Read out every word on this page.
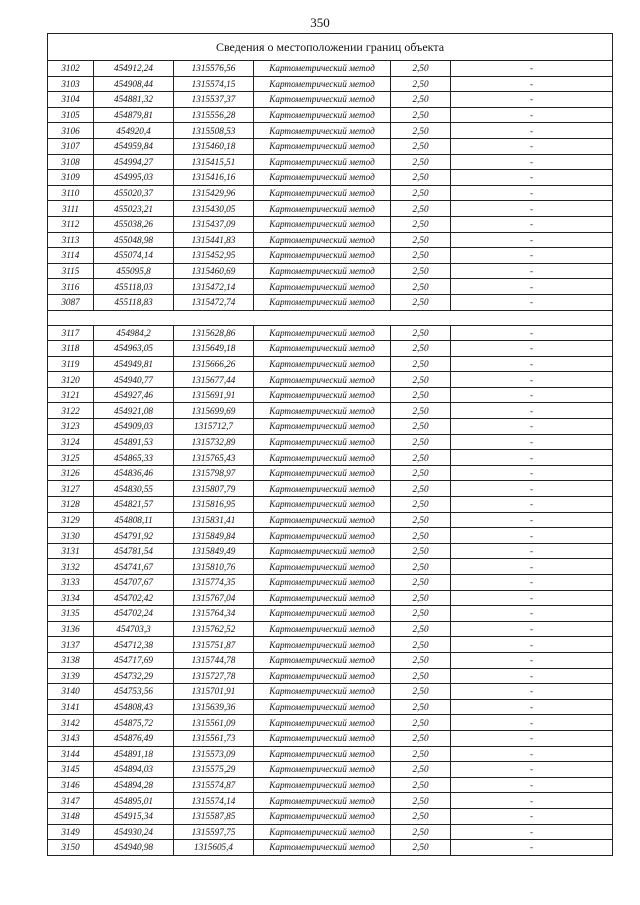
350
Сведения о местоположении границ объекта					
3102	454912,24	1315576,56	Картометрический метод	2,50	-
3103	454908,44	1315574,15	Картометрический метод	2,50	-
3104	454881,32	1315537,37	Картометрический метод	2,50	-
3105	454879,81	1315556,28	Картометрический метод	2,50	-
3106	454920,4	1315508,53	Картометрический метод	2,50	-
3107	454959,84	1315460,18	Картометрический метод	2,50	-
3108	454994,27	1315415,51	Картометрический метод	2,50	-
3109	454995,03	1315416,16	Картометрический метод	2,50	-
3110	455020,37	1315429,96	Картометрический метод	2,50	-
3111	455023,21	1315430,05	Картометрический метод	2,50	-
3112	455038,26	1315437,09	Картометрический метод	2,50	-
3113	455048,98	1315441,83	Картометрический метод	2,50	-
3114	455074,14	1315452,95	Картометрический метод	2,50	-
3115	455095,8	1315460,69	Картометрический метод	2,50	-
3116	455118,03	1315472,14	Картометрический метод	2,50	-
3087	455118,83	1315472,74	Картометрический метод	2,50	-

3117	454984,2	1315628,86	Картометрический метод	2,50	-
3118	454963,05	1315649,18	Картометрический метод	2,50	-
3119	454949,81	1315666,26	Картометрический метод	2,50	-
3120	454940,77	1315677,44	Картометрический метод	2,50	-
3121	454927,46	1315691,91	Картометрический метод	2,50	-
3122	454921,08	1315699,69	Картометрический метод	2,50	-
3123	454909,03	1315712,7	Картометрический метод	2,50	-
3124	454891,53	1315732,89	Картометрический метод	2,50	-
3125	454865,33	1315765,43	Картометрический метод	2,50	-
3126	454836,46	1315798,97	Картометрический метод	2,50	-
3127	454830,55	1315807,79	Картометрический метод	2,50	-
3128	454821,57	1315816,95	Картометрический метод	2,50	-
3129	454808,11	1315831,41	Картометрический метод	2,50	-
3130	454791,92	1315849,84	Картометрический метод	2,50	-
3131	454781,54	1315849,49	Картометрический метод	2,50	-
3132	454741,67	1315810,76	Картометрический метод	2,50	-
3133	454707,67	1315774,35	Картометрический метод	2,50	-
3134	454702,42	1315767,04	Картометрический метод	2,50	-
3135	454702,24	1315764,34	Картометрический метод	2,50	-
3136	454703,3	1315762,52	Картометрический метод	2,50	-
3137	454712,38	1315751,87	Картометрический метод	2,50	-
3138	454717,69	1315744,78	Картометрический метод	2,50	-
3139	454732,29	1315727,78	Картометрический метод	2,50	-
3140	454753,56	1315701,91	Картометрический метод	2,50	-
3141	454808,43	1315639,36	Картометрический метод	2,50	-
3142	454875,72	1315561,09	Картометрический метод	2,50	-
3143	454876,49	1315561,73	Картометрический метод	2,50	-
3144	454891,18	1315573,09	Картометрический метод	2,50	-
3145	454894,03	1315575,29	Картометрический метод	2,50	-
3146	454894,28	1315574,87	Картометрический метод	2,50	-
3147	454895,01	1315574,14	Картометрический метод	2,50	-
3148	454915,34	1315587,85	Картометрический метод	2,50	-
3149	454930,24	1315597,75	Картометрический метод	2,50	-
3150	454940,98	1315605,4	Картометрический метод	2,50	-
